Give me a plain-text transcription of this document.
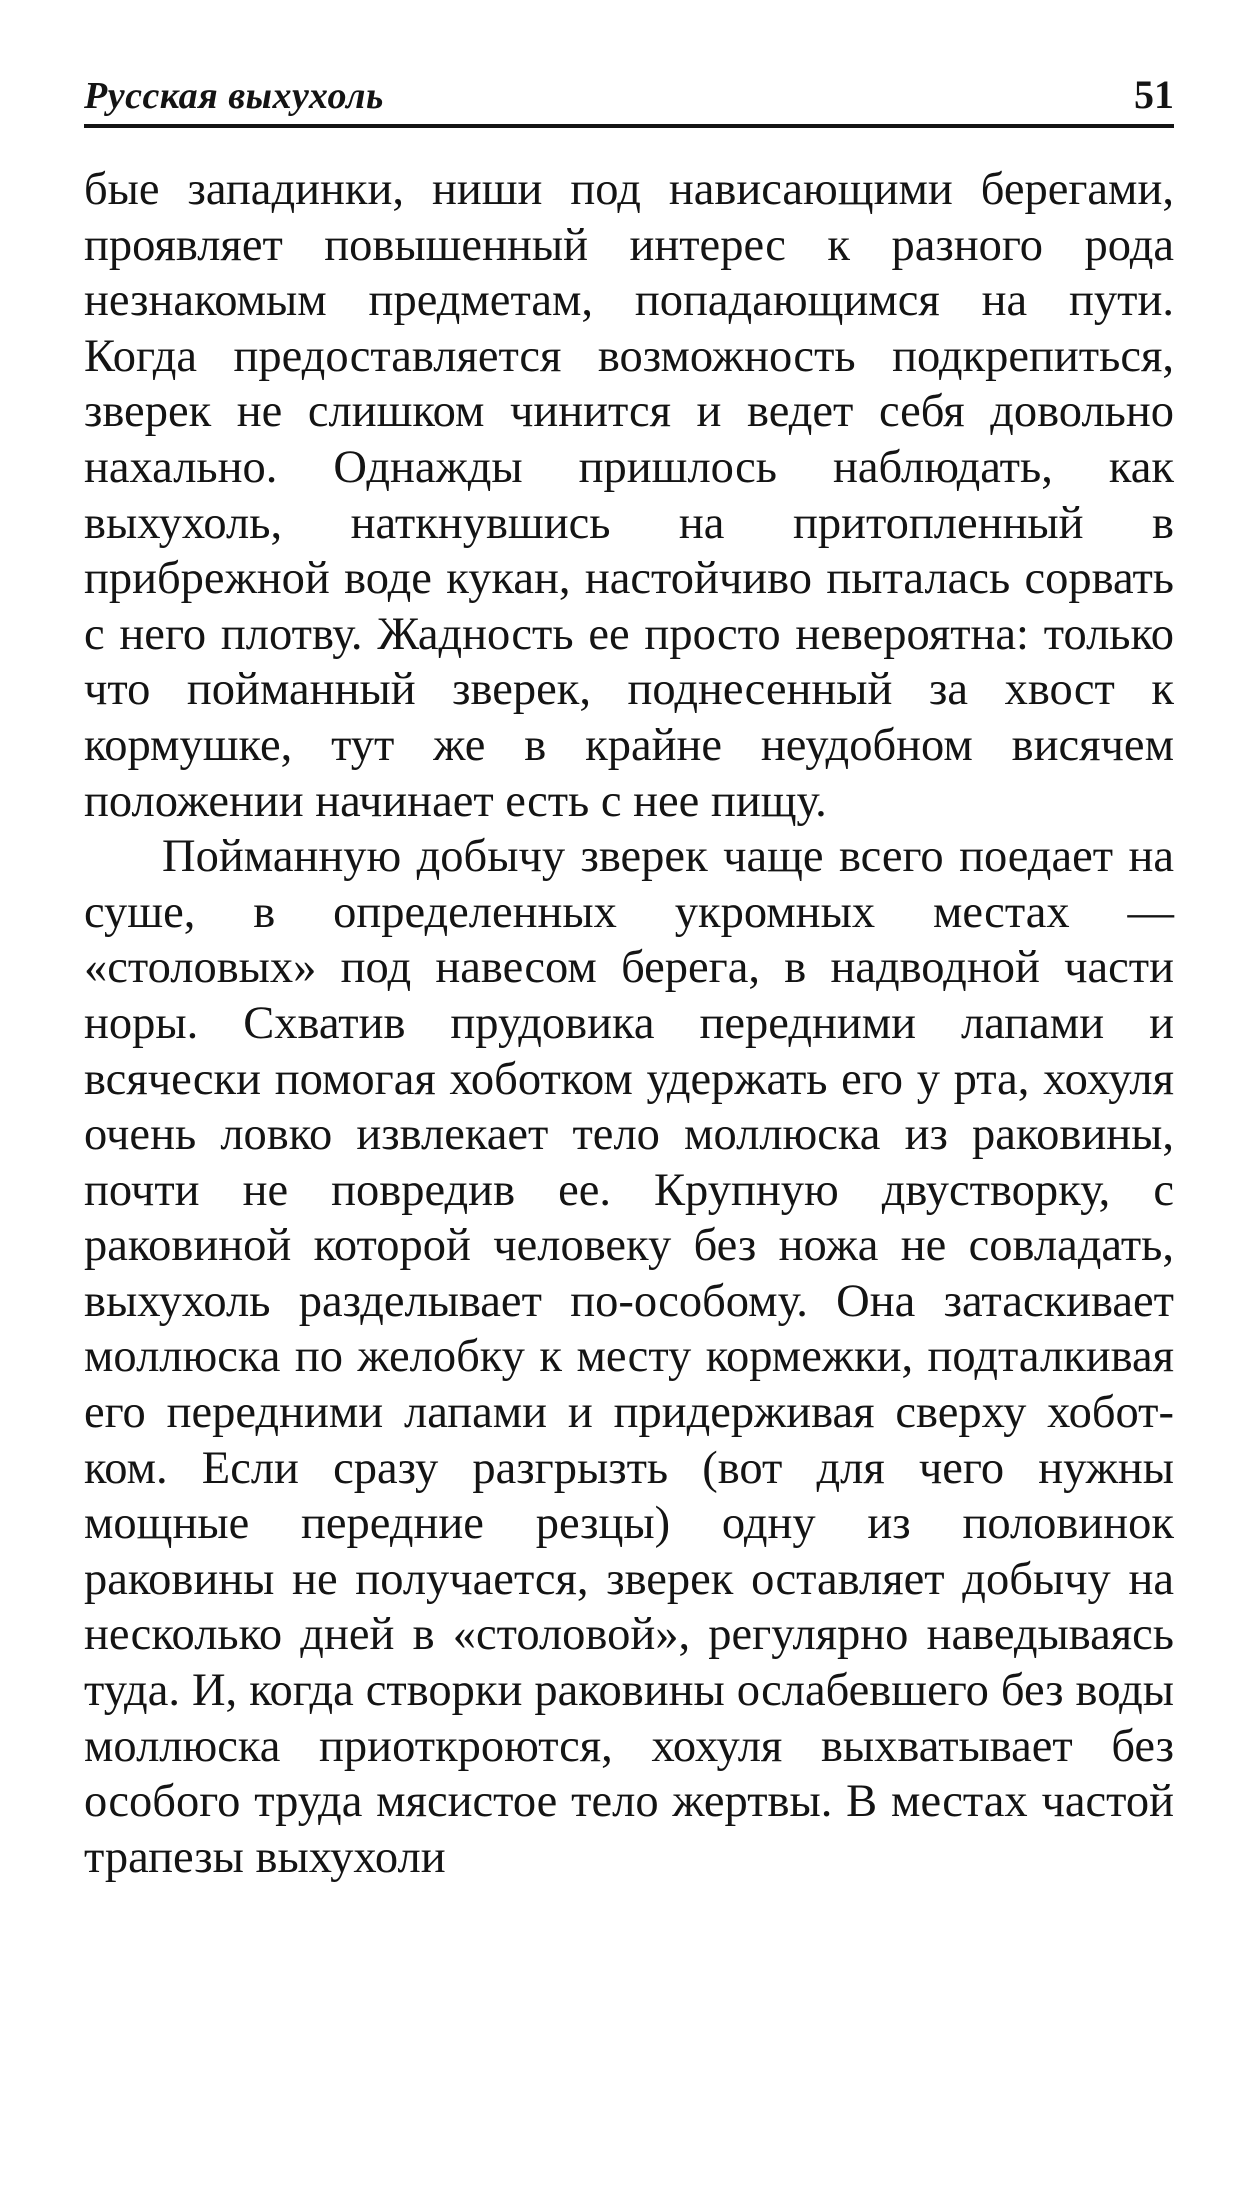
Русская выхухоль	51

бые западинки, ниши под нависающими берегами, проявляет повышенный интерес к разного рода незнакомым предметам, попадающимся на пути. Когда предоставляется возможность подкрепиться, зверек не слишком чинится и ведет себя довольно нахально. Однажды пришлось наблюдать, как выхухоль, наткнувшись на притопленный в прибрежной воде кукан, настойчиво пыталась сорвать с него плотву. Жадность ее просто невероятна: только что пойманный зверек, поднесенный за хвост к кормушке, тут же в крайне неудобном висячем положении начинает есть с нее пищу.

Пойманную добычу зверек чаще всего поедает на суше, в определенных укромных местах — «столовых» под навесом берега, в надводной части норы. Схватив прудовика передними лапами и всячески помогая хоботком удержать его у рта, хохуля очень ловко извлекает тело моллюска из раковины, почти не повредив ее. Крупную двустворку, с раковиной которой человеку без ножа не совладать, выхухоль разделывает по-особому. Она затаскивает моллюска по желобку к месту кормежки, подталкивая его передними лапами и придерживая сверху хоботком. Если сразу разгрызть (вот для чего нужны мощные передние резцы) одну из половинок раковины не получается, зверек оставляет добычу на несколько дней в «столовой», регулярно наведываясь туда. И, когда створки раковины ослабевшего без воды моллюска приоткроются, хохуля выхватывает без особого труда мясистое тело жертвы. В местах частой трапезы выхухоли
